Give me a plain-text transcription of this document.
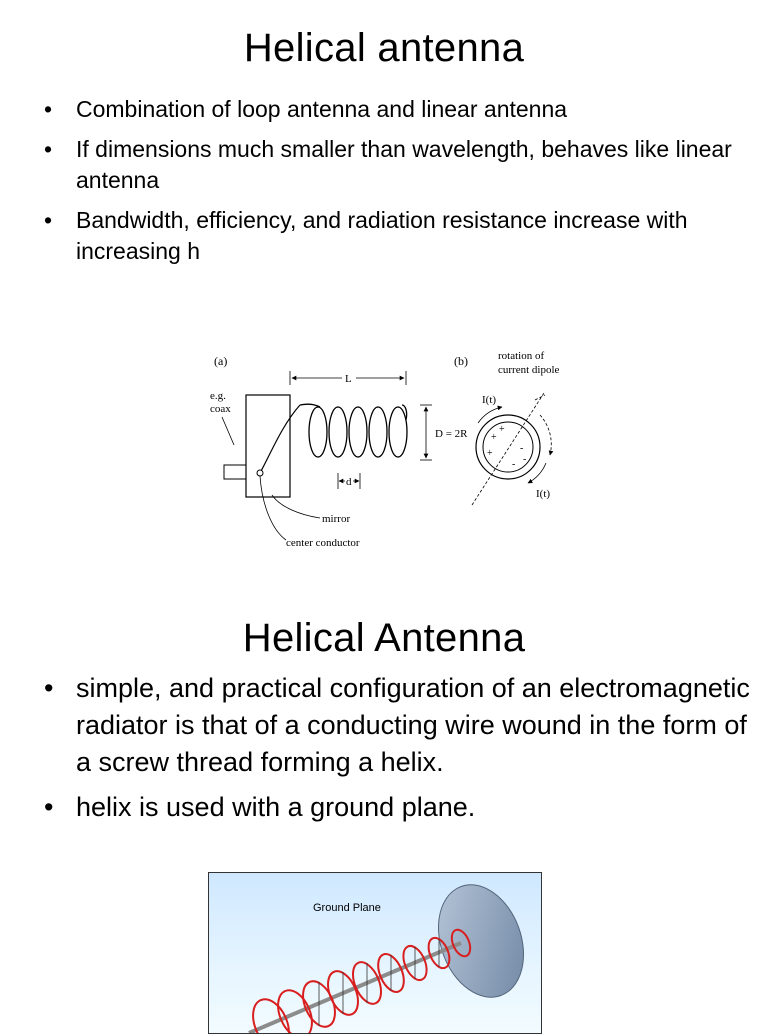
Helical antenna
• Combination of loop antenna and linear antenna
• If dimensions much smaller than wavelength, behaves like linear antenna
• Bandwidth, efficiency, and radiation resistance increase with increasing h
(a)
e.g.
coax
L
D = 2R
d
mirror
center conductor
(b)	rotation of
current dipole
+
+
+	-
- -
I(t)
I(t)
Helical Antenna
• simple, and practical configuration of an electromagnetic radiator is that of a conducting wire wound in the form of a screw thread forming a helix.
• helix is used with a ground plane.
Ground Plane
